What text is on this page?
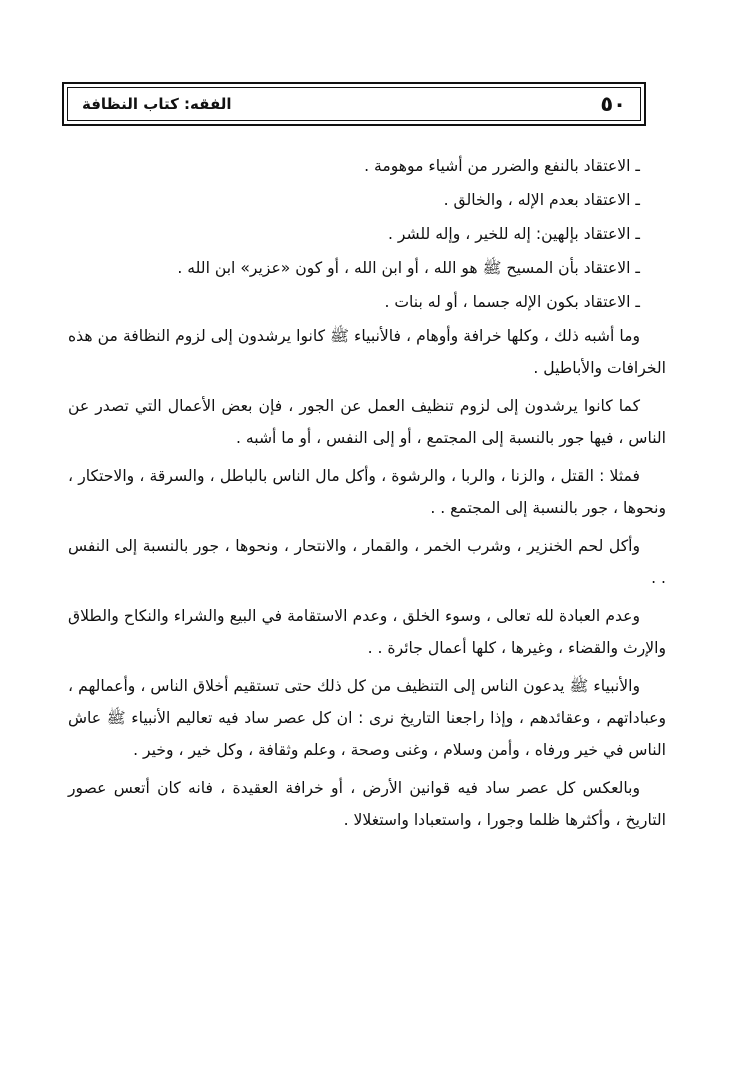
٥٠
الفقه: كتاب النظافة

ـ الاعتقاد بالنفع والضرر من أشياء موهومة .

ـ الاعتقاد بعدم الإله ، والخالق .

ـ الاعتقاد بإلهين: إله للخير ، وإله للشر .

ـ الاعتقاد بأن المسيح ﷺ هو الله ، أو ابن الله ، أو كون «عزير» ابن الله .

ـ الاعتقاد بكون الإله جسما ، أو له بنات .

وما أشبه ذلك ، وكلها خرافة وأوهام ، فالأنبياء ﷺ كانوا يرشدون إلى لزوم النظافة من هذه الخرافات والأباطيل .

كما كانوا يرشدون إلى لزوم تنظيف العمل عن الجور ، فإن بعض الأعمال التي تصدر عن الناس ، فيها جور بالنسبة إلى المجتمع ، أو إلى النفس ، أو ما أشبه .

فمثلا : القتل ، والزنا ، والربا ، والرشوة ، وأكل مال الناس بالباطل ، والسرقة ، والاحتكار ، ونحوها ، جور بالنسبة إلى المجتمع . .

وأكل لحم الخنزير ، وشرب الخمر ، والقمار ، والانتحار ، ونحوها ، جور بالنسبة إلى النفس . .

وعدم العبادة لله تعالى ، وسوء الخلق ، وعدم الاستقامة في البيع والشراء والنكاح والطلاق والإرث والقضاء ، وغيرها ، كلها أعمال جائرة . .

والأنبياء ﷺ يدعون الناس إلى التنظيف من كل ذلك حتى تستقيم أخلاق الناس ، وأعمالهم ، وعباداتهم ، وعقائدهم ، وإذا راجعنا التاريخ نرى : ان كل عصر ساد فيه تعاليم الأنبياء ﷺ عاش الناس في خير ورفاه ، وأمن وسلام ، وغنى وصحة ، وعلم وثقافة ، وكل خير ، وخير .

وبالعكس كل عصر ساد فيه قوانين الأرض ، أو خرافة العقيدة ، فانه كان أتعس عصور التاريخ ، وأكثرها ظلما وجورا ، واستعبادا واستغلالا .
